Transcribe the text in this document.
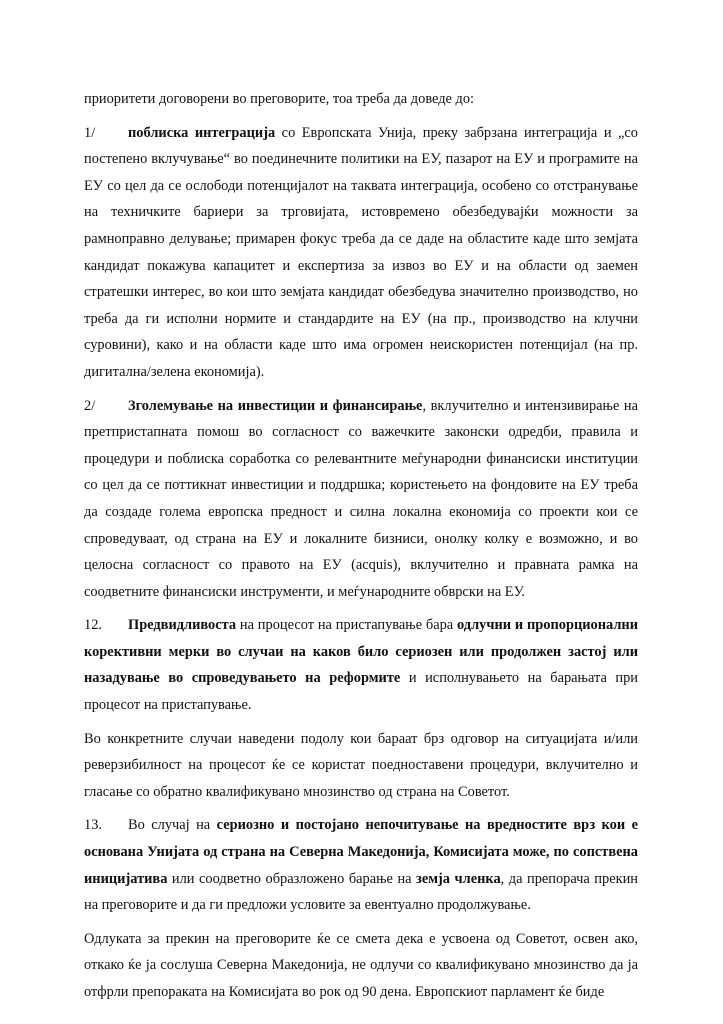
приоритети договорени во преговорите, тоа треба да доведе до:

1/ поблиска интеграција со Европската Унија, преку забрзана интеграција и „со постепено вклучување“ во поединечните политики на ЕУ, пазарот на ЕУ и програмите на ЕУ со цел да се ослободи потенцијалот на таквата интеграција, особено со отстранување на техничките бариери за трговијата, истовремено обезбедувајќи можности за рамноправно делување; примарен фокус треба да се даде на областите каде што земјата кандидат покажува капацитет и експертиза за извоз во ЕУ и на области од заемен стратешки интерес, во кои што земјата кандидат обезбедува значително производство, но треба да ги исполни нормите и стандардите на ЕУ (на пр., производство на клучни суровини), како и на области каде што има огромен неискористен потенцијал (на пр. дигитална/зелена економија).

2/ Зголемување на инвестиции и финансирање, вклучително и интензивирање на претпристапната помош во согласност со важечките законски одредби, правила и процедури и поблиска соработка со релевантните меѓународни финансиски институции со цел да се поттикнат инвестиции и поддршка; користењето на фондовите на ЕУ треба да создаде голема европска предност и силна локална економија со проекти кои се спроведуваат, од страна на ЕУ и локалните бизниси, онолку колку е возможно, и во целосна согласност со правото на ЕУ (acquis), вклучително и правната рамка на соодветните финансиски инструменти, и меѓународните обврски на ЕУ.

12. Предвидливоста на процесот на пристапување бара одлучни и пропорционални корективни мерки во случаи на каков било сериозен или продолжен застој или назадување во спроведувањето на реформите и исполнувањето на барањата при процесот на пристапување.

Во конкретните случаи наведени подолу кои бараат брз одговор на ситуацијата и/или реверзибилност на процесот ќе се користат поедноставени процедури, вклучително и гласање со обратно квалификувано мнозинство од страна на Советот.

13. Во случај на сериозно и постојано непочитување на вредностите врз кои е основана Унијата од страна на Северна Македонија, Комисијата може, по сопствена иницијатива или соодветно образложено барање на земја членка, да препорача прекин на преговорите и да ги предложи условите за евентуално продолжување.

Одлуката за прекин на преговорите ќе се смета дека е усвоена од Советот, освен ако, откако ќе ја сослуша Северна Македонија, не одлучи со квалификувано мнозинство да ја отфрли препораката на Комисијата во рок од 90 дена. Европскиот парламент ќе биде
